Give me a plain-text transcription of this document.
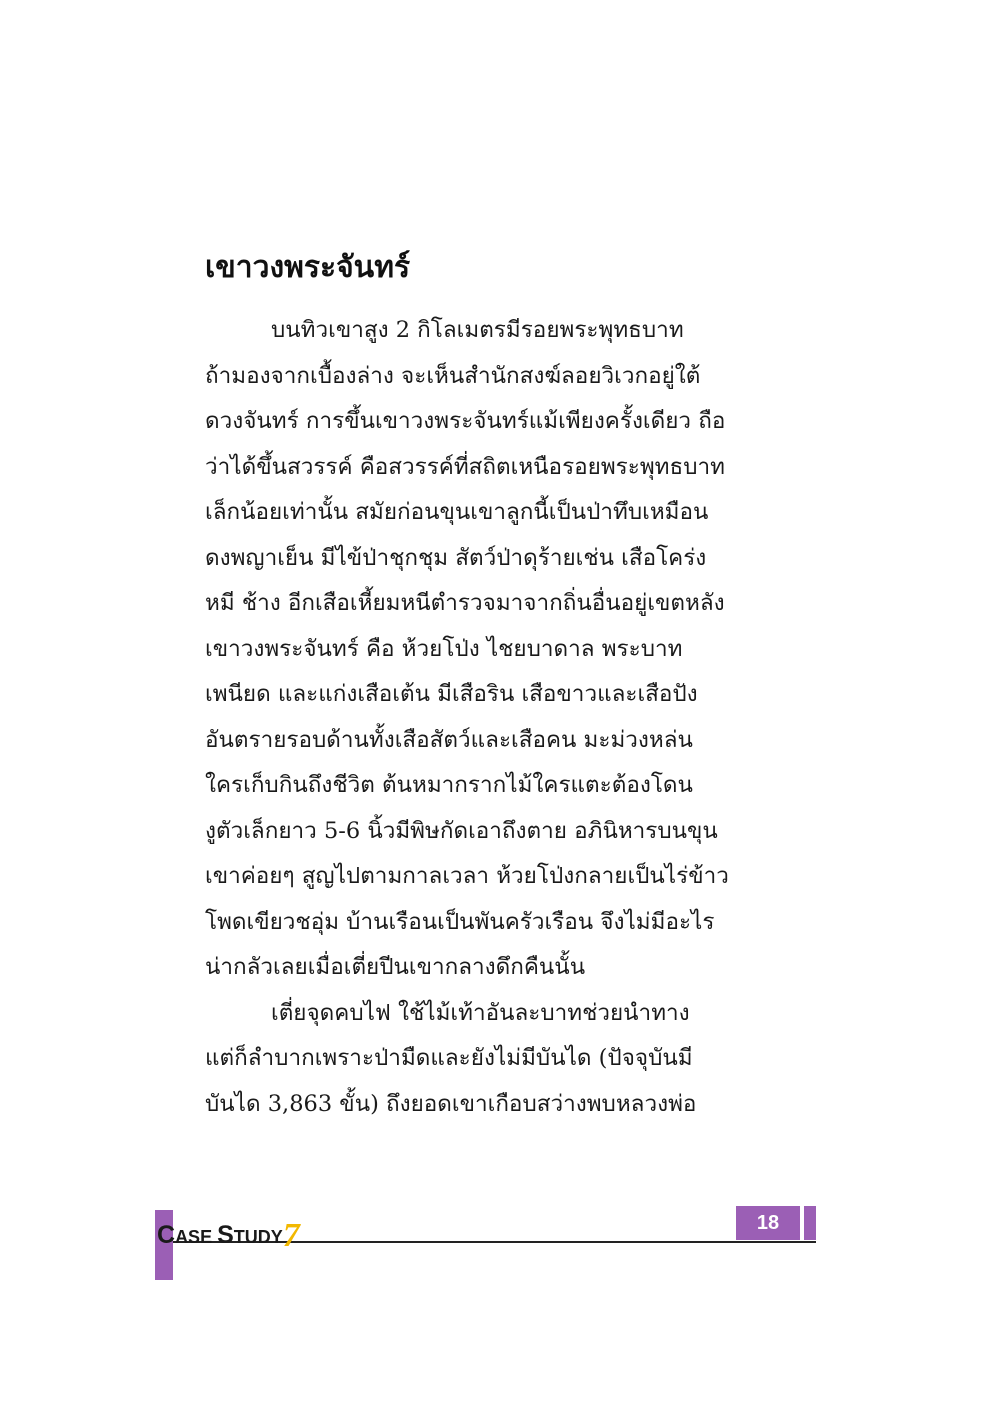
เขาวงพระจันทร์

บนทิวเขาสูง 2 กิโลเมตรมีรอยพระพุทธบาท
ถ้ามองจากเบื้องล่าง จะเห็นสำนักสงฆ์ลอยวิเวกอยู่ใต้
ดวงจันทร์ การขึ้นเขาวงพระจันทร์แม้เพียงครั้งเดียว ถือ
ว่าได้ขึ้นสวรรค์ คือสวรรค์ที่สถิตเหนือรอยพระพุทธบาท
เล็กน้อยเท่านั้น สมัยก่อนขุนเขาลูกนี้เป็นป่าทึบเหมือน
ดงพญาเย็น มีไข้ป่าชุกชุม สัตว์ป่าดุร้ายเช่น เสือโคร่ง
หมี ช้าง อีกเสือเหี้ยมหนีตำรวจมาจากถิ่นอื่นอยู่เขตหลัง
เขาวงพระจันทร์ คือ ห้วยโป่ง ไชยบาดาล พระบาท
เพนียด และแก่งเสือเต้น มีเสือริน เสือขาวและเสือปัง
อันตรายรอบด้านทั้งเสือสัตว์และเสือคน มะม่วงหล่น
ใครเก็บกินถึงชีวิต ต้นหมากรากไม้ใครแตะต้องโดน
งูตัวเล็กยาว 5-6 นิ้วมีพิษกัดเอาถึงตาย อภินิหารบนขุน
เขาค่อยๆ สูญไปตามกาลเวลา ห้วยโป่งกลายเป็นไร่ข้าว
โพดเขียวชอุ่ม บ้านเรือนเป็นพันครัวเรือน จึงไม่มีอะไร
น่ากลัวเลยเมื่อเตี่ยปีนเขากลางดึกคืนนั้น

เตี่ยจุดคบไฟ ใช้ไม้เท้าอันละบาทช่วยนำทาง
แต่ก็ลำบากเพราะป่ามืดและยังไม่มีบันได (ปัจจุบันมี
บันได 3,863 ขั้น) ถึงยอดเขาเกือบสว่างพบหลวงพ่อ

CASE STUDY7	18
